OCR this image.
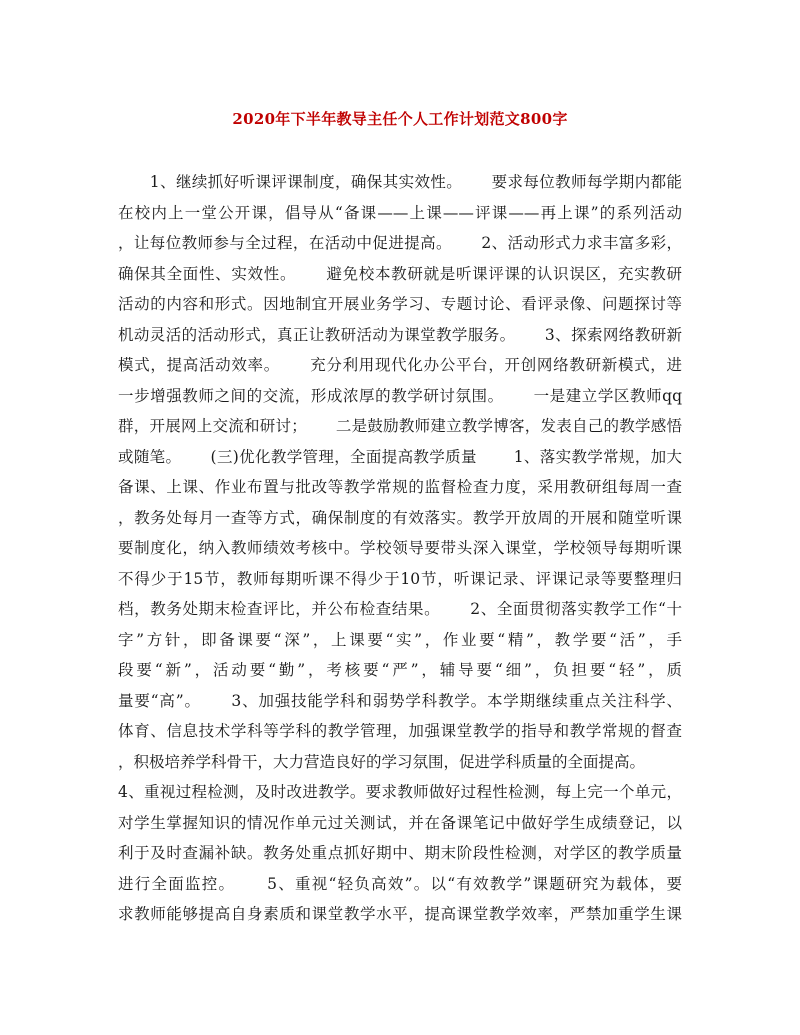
2020年下半年教导主任个人工作计划范文800字
　　1、继续抓好听课评课制度，确保其实效性。　　 要求每位教师每学期内都能
在校内上一堂公开课，倡导从“备课——上课——评课——再上课”的系列活动
，让每位教师参与全过程，在活动中促进提高。　　 2、活动形式力求丰富多彩，
确保其全面性、实效性。　　 避免校本教研就是听课评课的认识误区，充实教研
活动的内容和形式。因地制宜开展业务学习、专题讨论、看评录像、问题探讨等
机动灵活的活动形式，真正让教研活动为课堂教学服务。　　 3、探索网络教研新
模式，提高活动效率。　　 充分利用现代化办公平台，开创网络教研新模式，进
一步增强教师之间的交流，形成浓厚的教学研讨氛围。　　 一是建立学区教师qq
群，开展网上交流和研讨；　　 二是鼓励教师建立教学博客，发表自己的教学感悟
或随笔。　　 (三)优化教学管理，全面提高教学质量　　 1、落实教学常规，加大
备课、上课、作业布置与批改等教学常规的监督检查力度，采用教研组每周一查
，教务处每月一查等方式，确保制度的有效落实。教学开放周的开展和随堂听课
要制度化，纳入教师绩效考核中。学校领导要带头深入课堂，学校领导每期听课
不得少于15节，教师每期听课不得少于10节，听课记录、评课记录等要整理归
档，教务处期末检查评比，并公布检查结果。　　 2、全面贯彻落实教学工作“十
字”方针，即备课要“深”，上课要“实”，作业要“精”，教学要“活”，手
段要“新”，活动要“勤”，考核要“严”，辅导要“细”，负担要“轻”，质
量要“高”。　　 3、加强技能学科和弱势学科教学。本学期继续重点关注科学、
体育、信息技术学科等学科的教学管理，加强课堂教学的指导和教学常规的督查
，积极培养学科骨干，大力营造良好的学习氛围，促进学科质量的全面提高。
4、重视过程检测，及时改进教学。要求教师做好过程性检测，每上完一个单元，
对学生掌握知识的情况作单元过关测试，并在备课笔记中做好学生成绩登记，以
利于及时查漏补缺。教务处重点抓好期中、期末阶段性检测，对学区的教学质量
进行全面监控。　　 5、重视“轻负高效”。以“有效教学”课题研究为载体，要
求教师能够提高自身素质和课堂教学水平，提高课堂教学效率，严禁加重学生课
